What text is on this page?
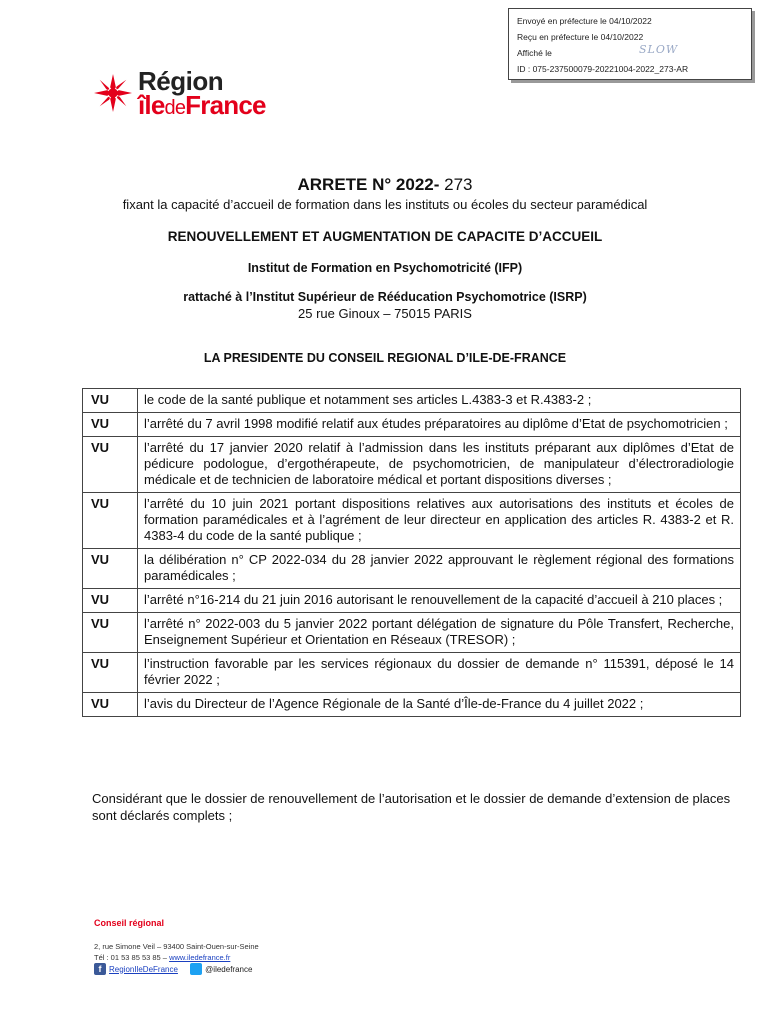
Envoyé en préfecture le 04/10/2022
Reçu en préfecture le 04/10/2022
Affiché le	SLOW
ID : 075-237500079-20221004-2022_273-AR
Région
îledeFrance
ARRETE N° 2022- 273
fixant la capacité d’accueil de formation dans les instituts ou écoles du secteur paramédical
RENOUVELLEMENT ET AUGMENTATION DE CAPACITE D’ACCUEIL
Institut de Formation en Psychomotricité (IFP)
rattaché à l’Institut Supérieur de Rééducation Psychomotrice (ISRP)
25 rue Ginoux – 75015 PARIS
LA PRESIDENTE DU CONSEIL REGIONAL D’ILE-DE-FRANCE
VU	le code de la santé publique et notamment ses articles L.4383-3 et R.4383-2 ;
VU	l’arrêté du 7 avril 1998 modifié relatif aux études préparatoires au diplôme d’Etat de psychomotricien ;
VU	l’arrêté du 17 janvier 2020 relatif à l’admission dans les instituts préparant aux diplômes d’Etat de pédicure podologue, d’ergothérapeute, de psychomotricien, de manipulateur d’électroradiologie médicale et de technicien de laboratoire médical et portant dispositions diverses ;
VU	l’arrêté du 10 juin 2021 portant dispositions relatives aux autorisations des instituts et écoles de formation paramédicales et à l’agrément de leur directeur en application des articles R. 4383-2 et R. 4383-4 du code de la santé publique ;
VU	la délibération n° CP 2022-034 du 28 janvier 2022 approuvant le règlement régional des formations paramédicales ;
VU	l’arrêté n°16-214 du 21 juin 2016 autorisant le renouvellement de la capacité d’accueil à 210 places ;
VU	l’arrêté n° 2022-003 du 5 janvier 2022 portant délégation de signature du Pôle Transfert, Recherche, Enseignement Supérieur et Orientation en Réseaux (TRESOR) ;
VU	l’instruction favorable par les services régionaux du dossier de demande n° 115391, déposé le 14 février 2022 ;
VU	l’avis du Directeur de l’Agence Régionale de la Santé d’Île-de-France du 4 juillet 2022 ;
Considérant que le dossier de renouvellement de l’autorisation et le dossier de demande d’extension de places sont déclarés complets ;
Conseil régional
2, rue Simone Veil – 93400 Saint-Ouen-sur-Seine
Tél : 01 53 85 53 85 – www.iledefrance.fr
f RegionIleDeFrance	@iledefrance
